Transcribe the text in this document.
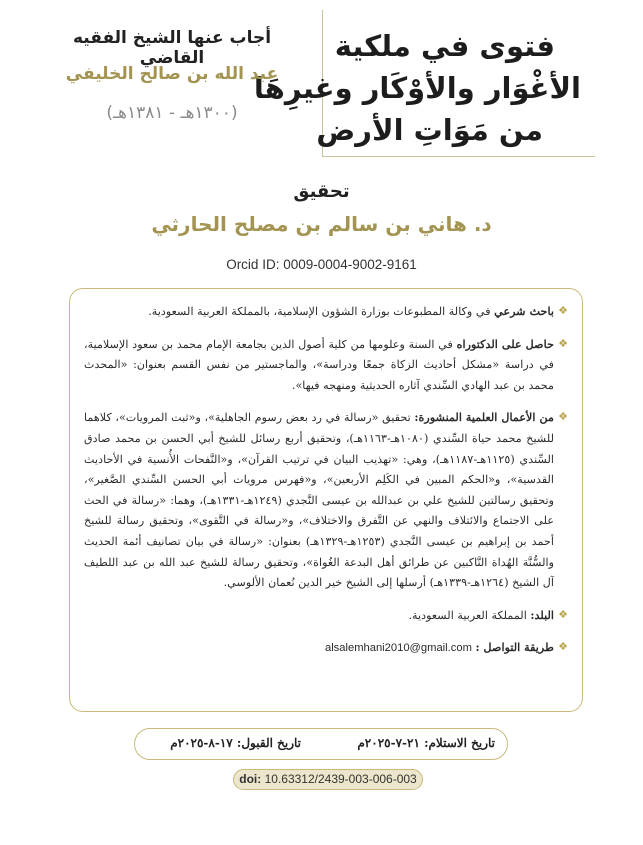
فتوى في ملكية
الأغْوَار والأوْكَار وغيرِهَا
من مَوَاتِ الأرض
أجاب عنها الشيخ الفقيه القاضي
عبد الله بن صالح الخليفي
(١٣٠٠هـ - ١٣٨١هـ)
تحقيق
د. هاني بن سالم بن مصلح الحارثي
Orcid ID: 0009-0004-9002-9161
❖
باحث شرعي في وكالة المطبوعات بوزارة الشؤون الإسلامية، بالمملكة العربية السعودية.
❖
حاصل على الدكتوراه في السنة وعلومها من كلية أصول الدين بجامعة الإمام محمد بن سعود الإسلامية، في دراسة «مشكل أحاديث الزكاة جمعًا ودراسة»، والماجستير من نفس القسم بعنوان: «المحدث محمد بن عبد الهادي السِّندي آثاره الحديثية ومنهجه فيها».
❖
من الأعمال العلمية المنشورة: تحقيق «رسالة في رد بعض رسوم الجاهلية»، و«ثبت المرويات»، كلاهما للشيخ محمد حياة السِّندي (١٠٨٠هـ-١١٦٣هـ)، وتحقيق أربع رسائل للشيخ أبي الحسن بن محمد صادق السِّندي (١١٢٥هـ-١١٨٧هـ)، وهي: «تهذيب البيان في ترتيب القرآن»، و«النَّفحات الأُنسية في الأحاديث القدسية»، و«الحكم المبين في الكَلِم الأربعين»، و«فهرس مرويات أبي الحسن السِّندي الصَّغير»، وتحقيق رسالتين للشيخ علي بن عبدالله بن عيسى النَّجدي (١٢٤٩هـ-١٣٣١هـ)، وهما: «رسالة في الحث على الاجتماع والائتلاف والنهي عن التَّفرق والاختلاف»، و«رسالة في التَّقوى»، وتحقيق رسالة للشيخ أحمد بن إبراهيم بن عيسى النَّجدي (١٢٥٣هـ-١٣٢٩هـ) بعنوان: «رسالة في بيان تصانيف أئمة الحديث والسُّنَّة الهُداة النَّاكبين عن طرائق أهل البدعة الغُواة»، وتحقيق رسالة للشيخ عبد الله بن عبد اللطيف آل الشيخ (١٢٦٤هـ-١٣٣٩هـ) أرسلها إلى الشيخ خير الدين نُعمان الألوسي.
❖
البلد: المملكة العربية السعودية.
❖
طريقة التواصل : alsalemhani2010@gmail.com
تاريخ الاستلام: ٢١-٧-٢٠٢٥م
تاريخ القبول: ١٧-٨-٢٠٢٥م
doi: 10.63312/2439-003-006-003
